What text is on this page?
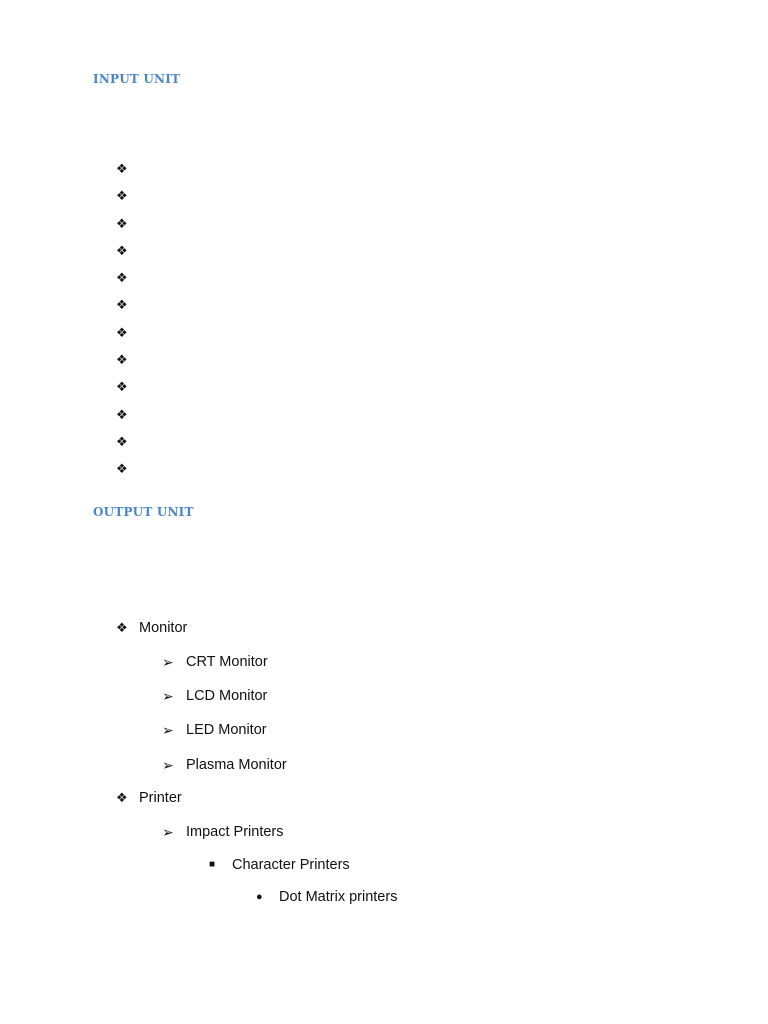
INPUT UNIT
❖
❖
❖
❖
❖
❖
❖
❖
❖
❖
❖
❖
OUTPUT UNIT
❖ Monitor
➢ CRT Monitor
➢ LCD Monitor
➢ LED Monitor
➢ Plasma Monitor
❖ Printer
➢ Impact Printers
■	Character Printers
●	Dot Matrix printers
